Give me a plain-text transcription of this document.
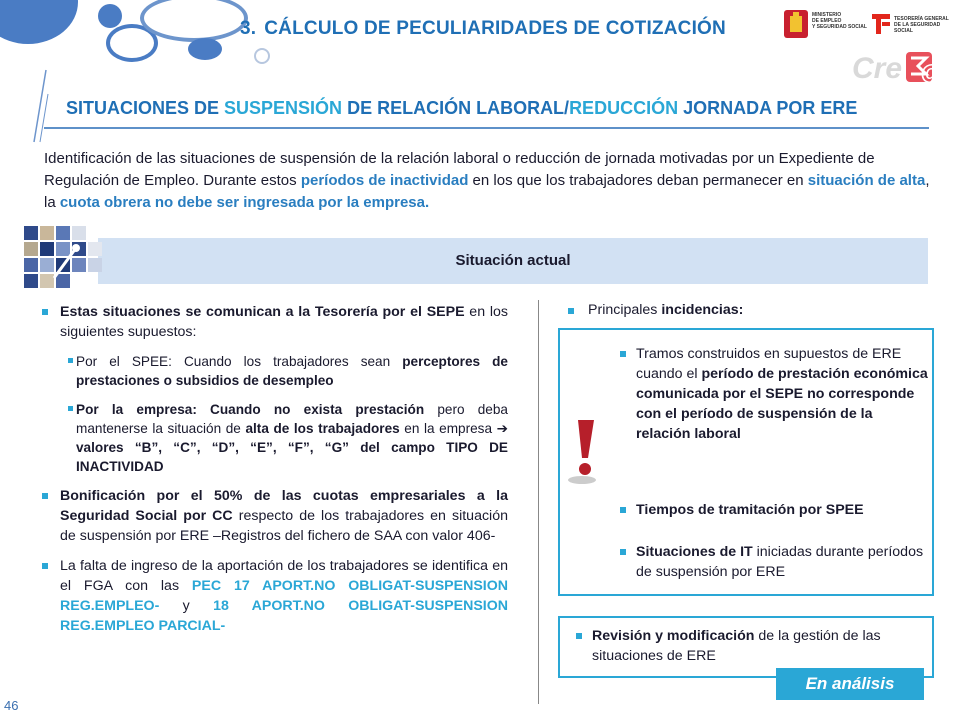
3. CÁLCULO DE PECULIARIDADES DE COTIZACIÓN
MINISTERIO
DE EMPLEO
Y SEGURIDAD SOCIAL
TESORERÍA GENERAL
DE LA SEGURIDAD SOCIAL
Cre @
SITUACIONES DE SUSPENSIÓN DE RELACIÓN LABORAL/REDUCCIÓN JORNADA POR ERE
Identificación de las situaciones de suspensión de la relación laboral o reducción de jornada motivadas por un Expediente de Regulación de Empleo. Durante estos períodos de inactividad en los que los trabajadores deban permanecer en situación de alta, la cuota obrera no debe ser ingresada por la empresa.
Situación actual

Estas situaciones se comunican a la Tesorería por el SEPE en los siguientes supuestos:

Por el SPEE: Cuando los trabajadores sean perceptores de prestaciones o subsidios de desempleo

Por la empresa: Cuando no exista prestación pero deba mantenerse la situación de alta de los trabajadores en la empresa ➔ valores “B”, “C”, “D”, “E”, “F”, “G” del campo TIPO DE INACTIVIDAD

Bonificación por el 50% de las cuotas empresariales a la Seguridad Social por CC respecto de los trabajadores en situación de suspensión por ERE –Registros del fichero de SAA con valor 406-

La falta de ingreso de la aportación de los trabajadores se identifica en el FGA con las PEC 17 APORT.NO OBLIGAT-SUSPENSION REG.EMPLEO- y 18 APORT.NO OBLIGAT-SUSPENSION REG.EMPLEO PARCIAL-

Principales incidencias:
Tramos construidos en supuestos de ERE cuando el período de prestación económica comunicada por el SEPE no corresponde con el período de suspensión de la relación laboral
Tiempos de tramitación por SPEE
Situaciones de IT iniciadas durante períodos de suspensión por ERE
Revisión y modificación de la gestión de las situaciones de ERE
En análisis
46
